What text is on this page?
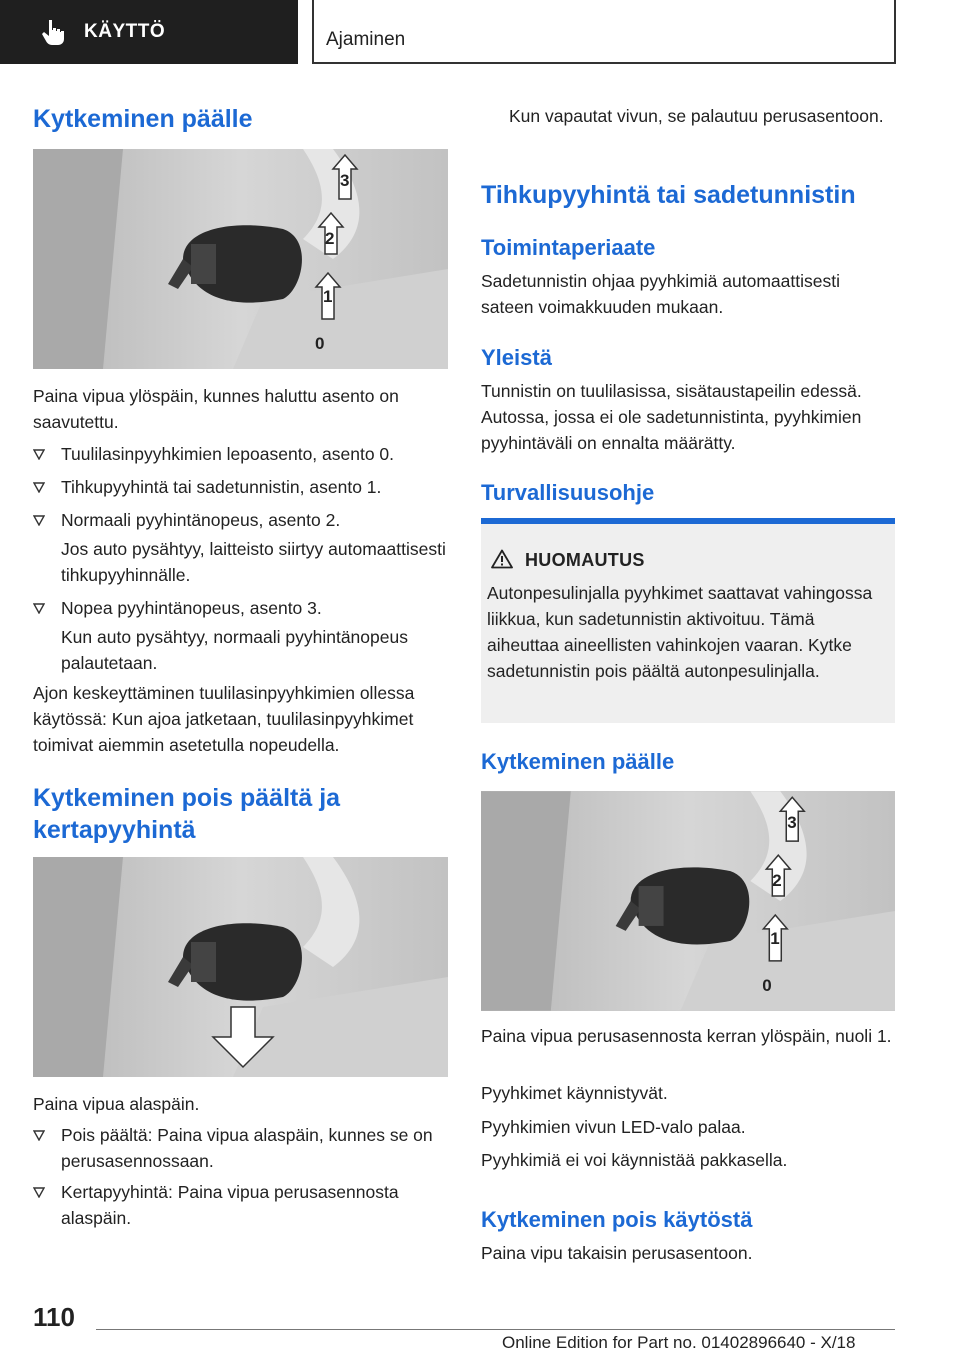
KÄYTTÖ	Ajaminen
Kytkeminen päälle
3
2
1
0
Paina vipua ylöspäin, kunnes haluttu asento on saavutettu.
Tuulilasinpyyhkimien lepoasento, asento 0.
Tihkupyyhintä tai sadetunnistin, asento 1.
Normaali pyyhintänopeus, asento 2.
Jos auto pysähtyy, laitteisto siirtyy automaattisesti tihkupyyhinnälle.
Nopea pyyhintänopeus, asento 3.
Kun auto pysähtyy, normaali pyyhintänopeus palautetaan.
Ajon keskeyttäminen tuulilasinpyyhkimien ollessa käytössä: Kun ajoa jatketaan, tuulilasinpyyhkimet toimivat aiemmin asetetulla nopeudella.
Kytkeminen pois päältä ja kertapyyhintä
Paina vipua alaspäin.
Pois päältä: Paina vipua alaspäin, kunnes se on perusasennossaan.
Kertapyyhintä: Paina vipua perusasennosta alaspäin.
Kun vapautat vivun, se palautuu perusasentoon.
Tihkupyyhintä tai sadetunnistin
Toimintaperiaate
Sadetunnistin ohjaa pyyhkimiä automaattisesti sateen voimakkuuden mukaan.
Yleistä
Tunnistin on tuulilasissa, sisätaustapeilin edessä. Autossa, jossa ei ole sadetunnistinta, pyyhkimien pyyhintäväli on ennalta määrätty.
Turvallisuusohje
HUOMAUTUS
Autonpesulinjalla pyyhkimet saattavat vahingossa liikkua, kun sadetunnistin aktivoituu. Tämä aiheuttaa aineellisten vahinkojen vaaran. Kytke sadetunnistin pois päältä autonpesulinjalla.
Kytkeminen päälle
3
2
1
0
Paina vipua perusasennosta kerran ylöspäin, nuoli 1.
Pyyhkimet käynnistyvät.
Pyyhkimien vivun LED-valo palaa.
Pyyhkimiä ei voi käynnistää pakkasella.
Kytkeminen pois käytöstä
Paina vipu takaisin perusasentoon.
110
Online Edition for Part no. 01402896640 - X/18
